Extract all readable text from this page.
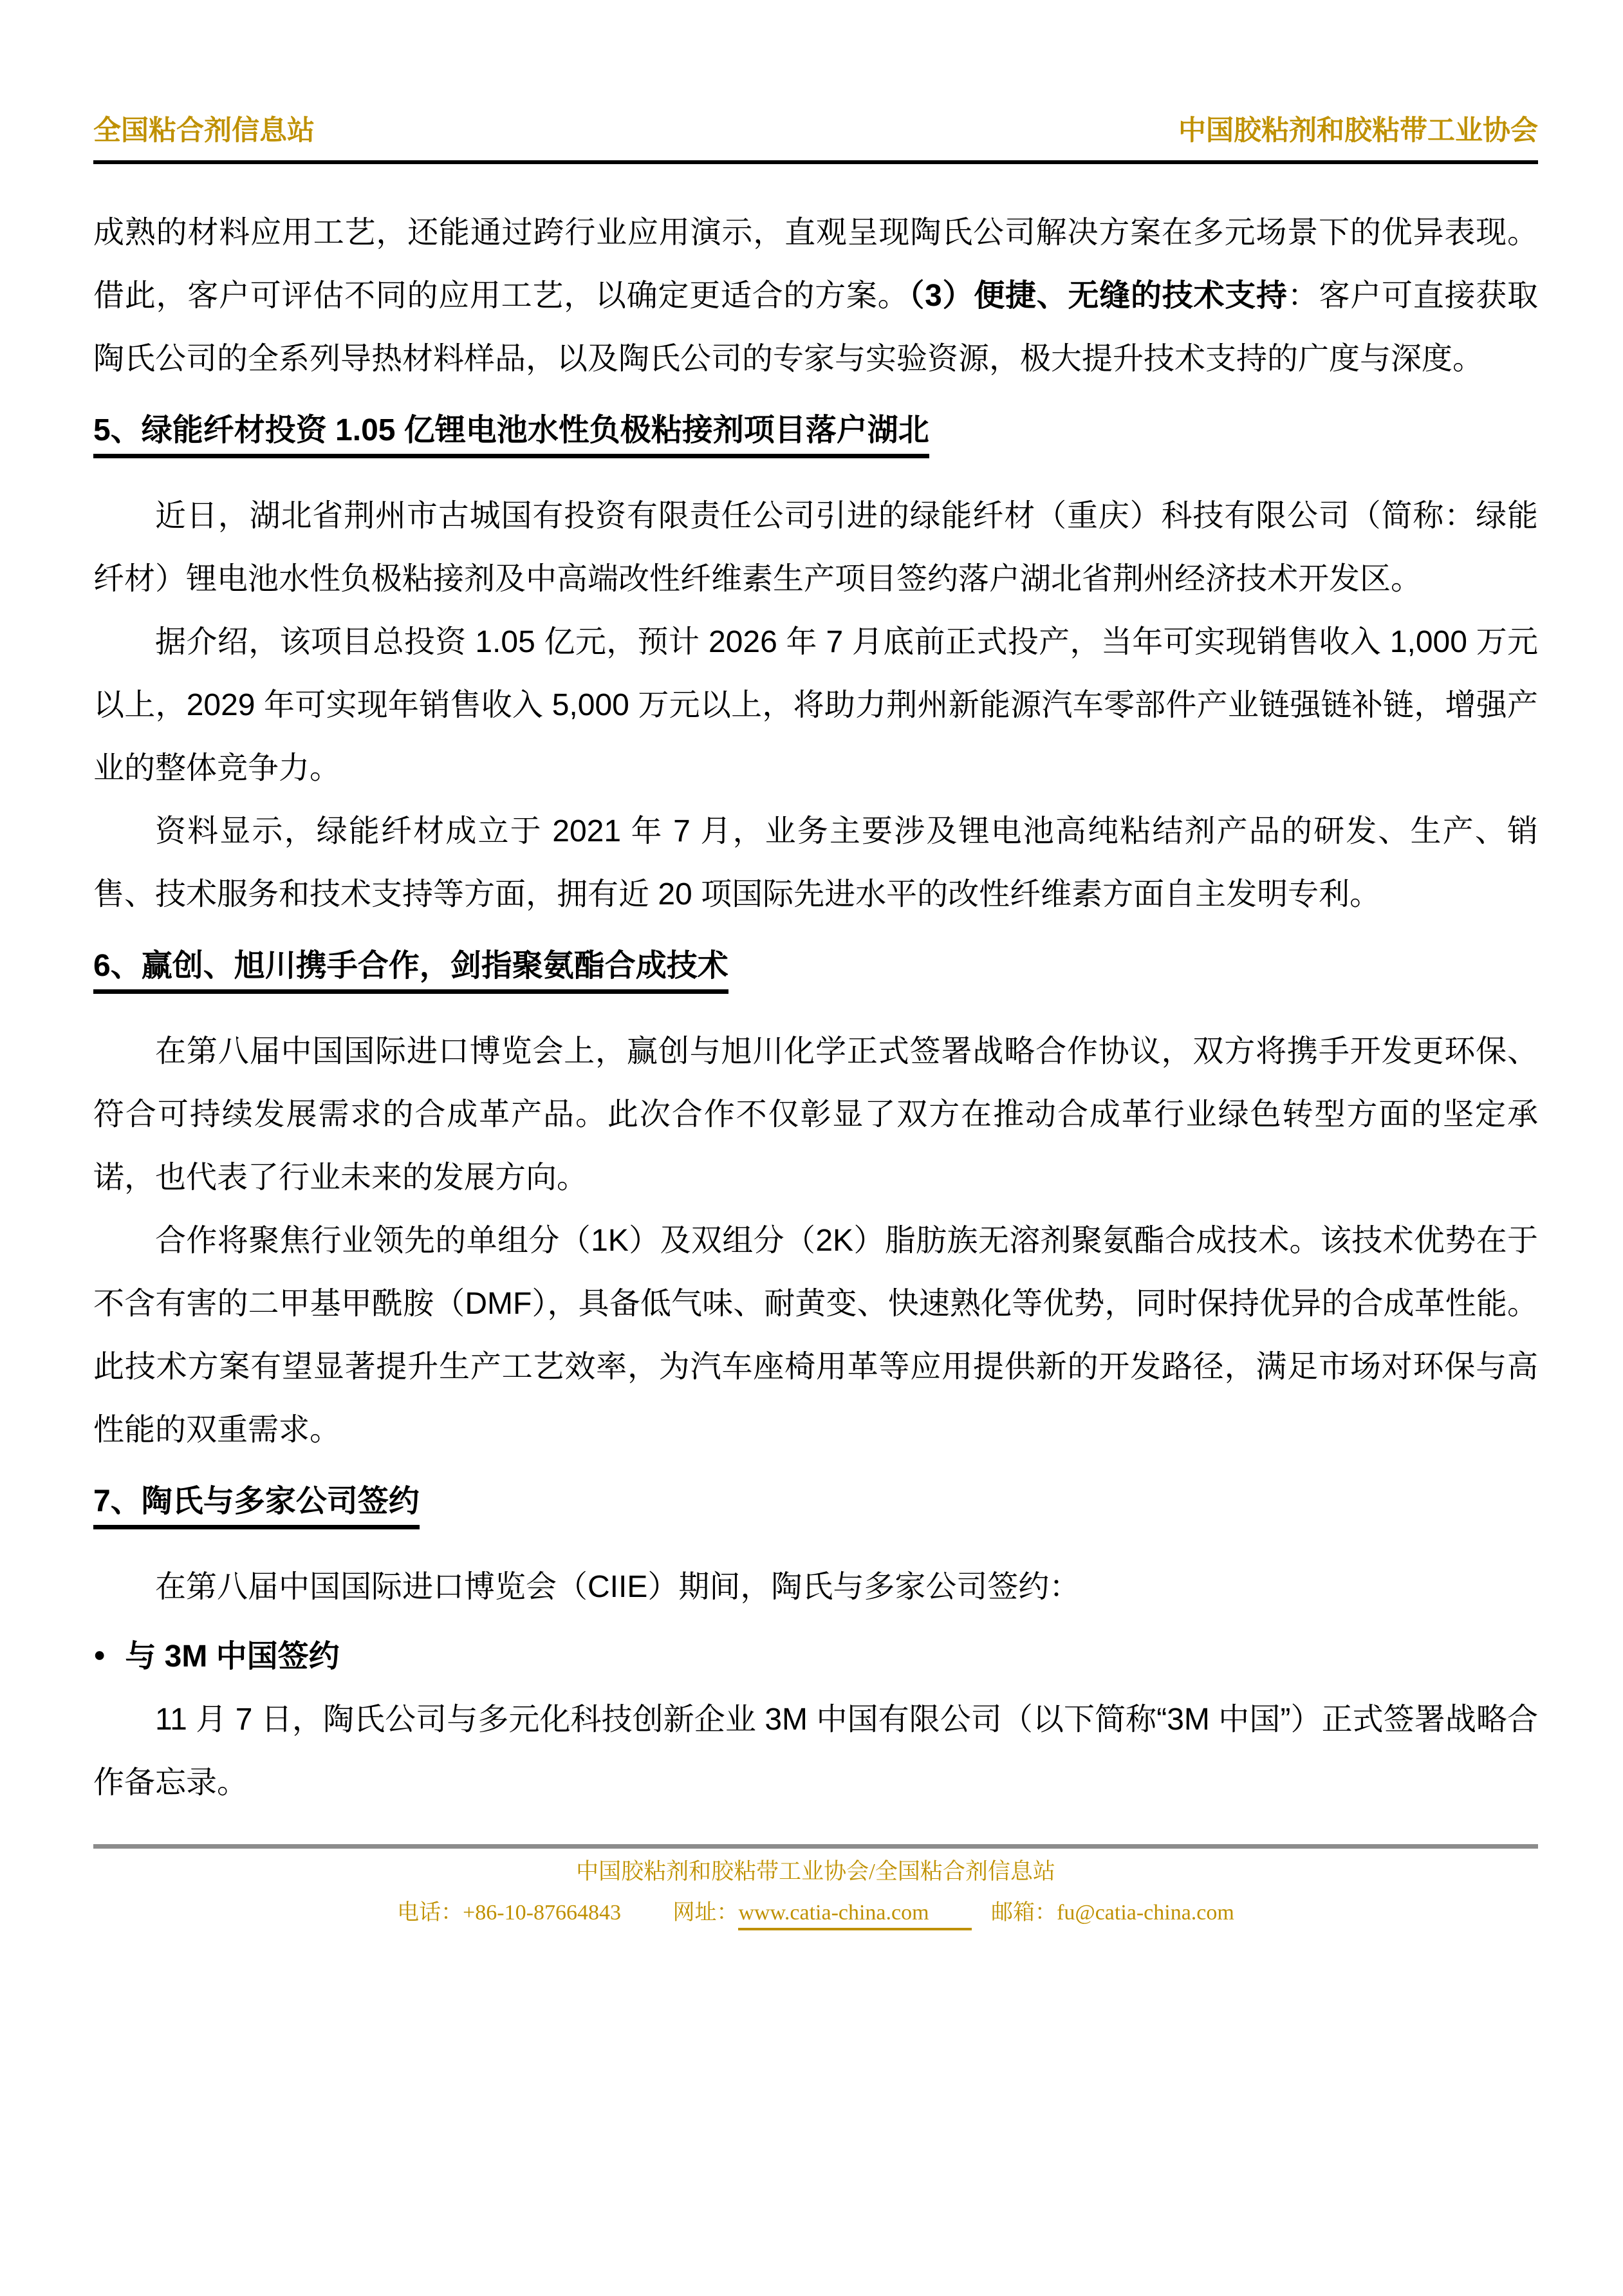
全国粘合剂信息站	中国胶粘剂和胶粘带工业协会

成熟的材料应用工艺，还能通过跨行业应用演示，直观呈现陶氏公司解决方案在多元场景下的优异表现。借此，客户可评估不同的应用工艺，以确定更适合的方案。（3）便捷、无缝的技术支持：客户可直接获取陶氏公司的全系列导热材料样品，以及陶氏公司的专家与实验资源，极大提升技术支持的广度与深度。

5、绿能纤材投资 1.05 亿锂电池水性负极粘接剂项目落户湖北

近日，湖北省荆州市古城国有投资有限责任公司引进的绿能纤材（重庆）科技有限公司（简称：绿能纤材）锂电池水性负极粘接剂及中高端改性纤维素生产项目签约落户湖北省荆州经济技术开发区。

据介绍，该项目总投资 1.05 亿元，预计 2026 年 7 月底前正式投产，当年可实现销售收入 1,000 万元以上，2029 年可实现年销售收入 5,000 万元以上，将助力荆州新能源汽车零部件产业链强链补链，增强产业的整体竞争力。

资料显示，绿能纤材成立于 2021 年 7 月，业务主要涉及锂电池高纯粘结剂产品的研发、生产、销售、技术服务和技术支持等方面，拥有近 20 项国际先进水平的改性纤维素方面自主发明专利。

6、赢创、旭川携手合作，剑指聚氨酯合成技术

在第八届中国国际进口博览会上，赢创与旭川化学正式签署战略合作协议，双方将携手开发更环保、符合可持续发展需求的合成革产品。此次合作不仅彰显了双方在推动合成革行业绿色转型方面的坚定承诺，也代表了行业未来的发展方向。

合作将聚焦行业领先的单组分（1K）及双组分（2K）脂肪族无溶剂聚氨酯合成技术。该技术优势在于不含有害的二甲基甲酰胺（DMF），具备低气味、耐黄变、快速熟化等优势，同时保持优异的合成革性能。此技术方案有望显著提升生产工艺效率，为汽车座椅用革等应用提供新的开发路径，满足市场对环保与高性能的双重需求。

7、陶氏与多家公司签约

在第八届中国国际进口博览会（CIIE）期间，陶氏与多家公司签约：

● 与 3M 中国签约

11 月 7 日，陶氏公司与多元化科技创新企业 3M 中国有限公司（以下简称“3M 中国”）正式签署战略合作备忘录。

中国胶粘剂和胶粘带工业协会/全国粘合剂信息站
电话：+86-10-87664843 网址：www.catia-china.com	邮箱：fu@catia-china.com
